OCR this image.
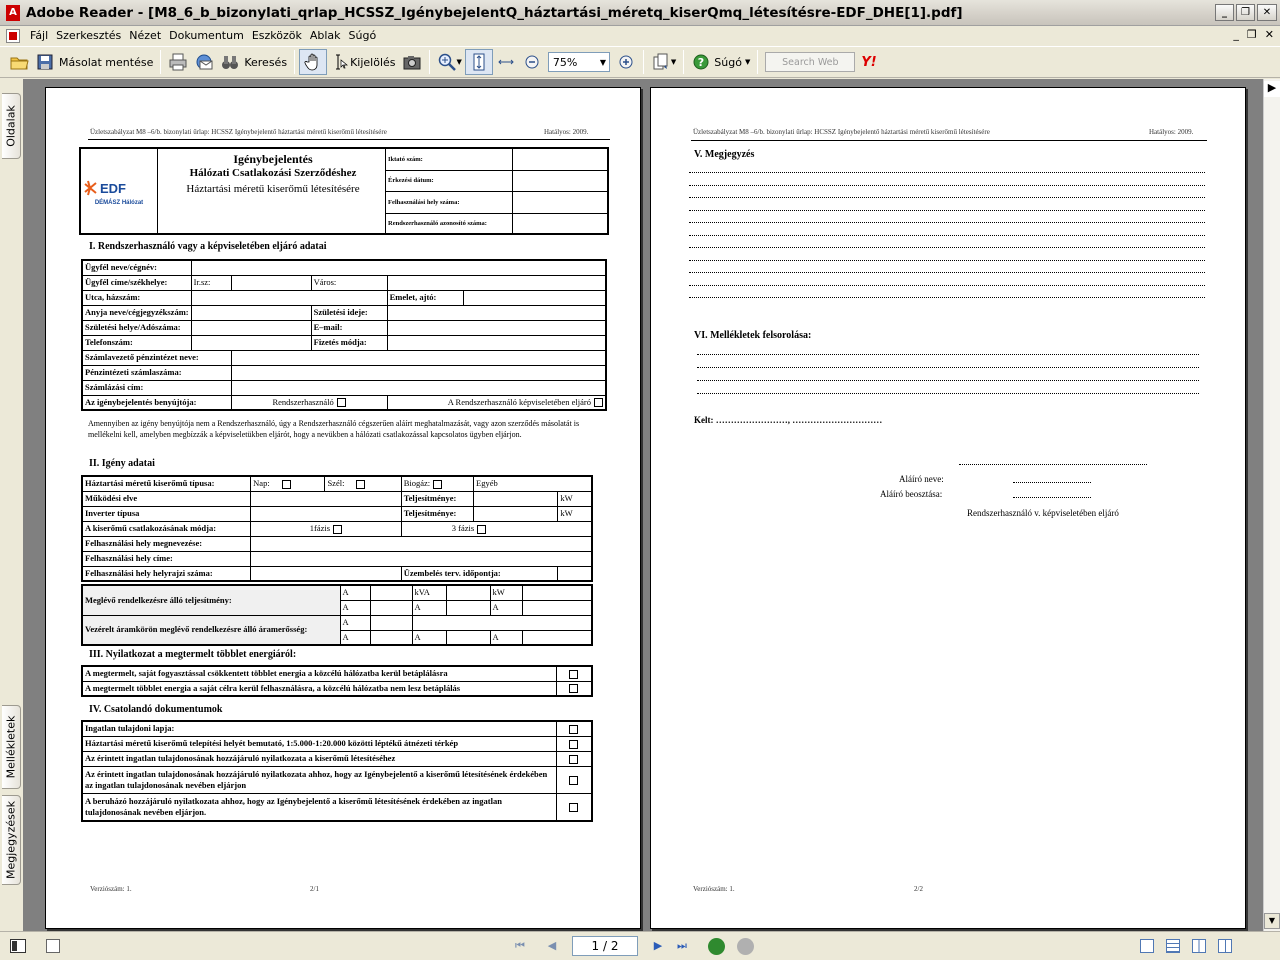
A Adobe Reader - [M8_6_b_bizonylati_qrlap_HCSSZ_IgénybejelentQ_háztartási_méretq_kiserQmq_létesítésre-EDF_DHE[1].pdf]	_	❐	✕
Fájl Szerkesztés Nézet Dokumentum Eszközök Ablak Súgó	_ ❐ ✕
Másolat mentése	Keresés	Kijelölés	▼	75%	▼	▼ ? Súgó ▼	Search Web	Y!
Oldalak
Mellékletek
Megjegyzések
Üzletszabályzat M8 –6/b. bizonylati űrlap: HCSSZ Igénybejelentő háztartási méretű kiserőmű létesítésére	Hatályos: 2009.
EDF
DÉMÁSZ Hálózat
Igénybejelentés
Hálózati Csatlakozási Szerződéshez
Háztartási méretű kiserőmű létesítésére
Iktató szám:	
Érkezési dátum:	
Felhasználási hely száma:	
Rendszerhasználó azonosító száma:	
I. Rendszerhasználó vagy a képviseletében eljáró adatai
Ügyfél neve/cégnév:					
Ügyfél címe/székhelye:	Ir.sz:		Város:		
Utca, házszám:				Emelet, ajtó:	
Anyja neve/cégjegyzékszám:			Születési ideje:		
Születési helye/Adószáma:			E–mail:		
Telefonszám:			Fizetés módja:		
Számlavezető pénzintézet neve:					
Pénzintézeti számlaszáma:					
Számlázási cím:					
Az igénybejelentés benyújtója:		Rendszerhasználó		A Rendszerhasználó képviseletében eljáró	
Amennyiben az igény benyújtója nem a Rendszerhasználó, úgy a Rendszerhasználó cégszerűen aláírt meghatalmazását, vagy azon szerződés másolatát is mellékelni kell, amelyben megbízzák a képviseletükben eljárót, hogy a nevükben a hálózati csatlakozással kapcsolatos ügyben eljárjon.
II. Igény adatai
Háztartási méretű kiserőmű típusa:	Nap:	Szél:	Biogáz:	Egyéb	
Működési elve			Teljesítménye:		kW
Inverter típusa			Teljesítménye:		kW
A kiserőmű csatlakozásának módja:	1fázis		3 fázis		
Felhasználási hely megnevezése:					
Felhasználási hely címe:					
Felhasználási hely helyrajzi száma:			Üzembelés terv. időpontja:		
Meglévő rendelkezésre álló teljesítmény:	A		kVA		kW	
	A		A		A	
Vezérelt áramkörön meglévő rendelkezésre álló áramerősség:	A					
	A		A		A	
III. Nyilatkozat a megtermelt többlet energiáról:
A megtermelt, saját fogyasztással csökkentett többlet energia a közcélú hálózatba kerül betáplálásra	
A megtermelt többlet energia a saját célra kerül felhasználásra, a közcélú hálózatba nem lesz betáplálás	
IV. Csatolandó dokumentumok
Ingatlan tulajdoni lapja:	
Háztartási méretű kiserőmű telepítési helyét bemutató, 1:5.000-1:20.000 közötti léptékű átnézeti térkép	
Az érintett ingatlan tulajdonosának hozzájáruló nyilatkozata a kiserőmű létesítéséhez	
Az érintett ingatlan tulajdonosának hozzájáruló nyilatkozata ahhoz, hogy az Igénybejelentő a kiserőmű létesítésének érdekében az ingatlan tulajdonosának nevében eljárjon	
A beruházó hozzájáruló nyilatkozata ahhoz, hogy az Igénybejelentő a kiserőmű létesítésének érdekében az ingatlan tulajdonosának nevében eljárjon.	
Verziószám: 1.	2/1
Üzletszabályzat M8 –6/b. bizonylati űrlap: HCSSZ Igénybejelentő háztartási méretű kiserőmű létesítésére	Hatályos: 2009.
V. Megjegyzés
VI. Mellékletek felsorolása:
Kelt: ……………………, …………………………
Aláíró neve:
Aláíró beosztása:
Rendszerhasználó v. képviseletében eljáró
Verziószám: 1.	2/2
▶
▼
⏮	◀	1 / 2	▶	⏭
